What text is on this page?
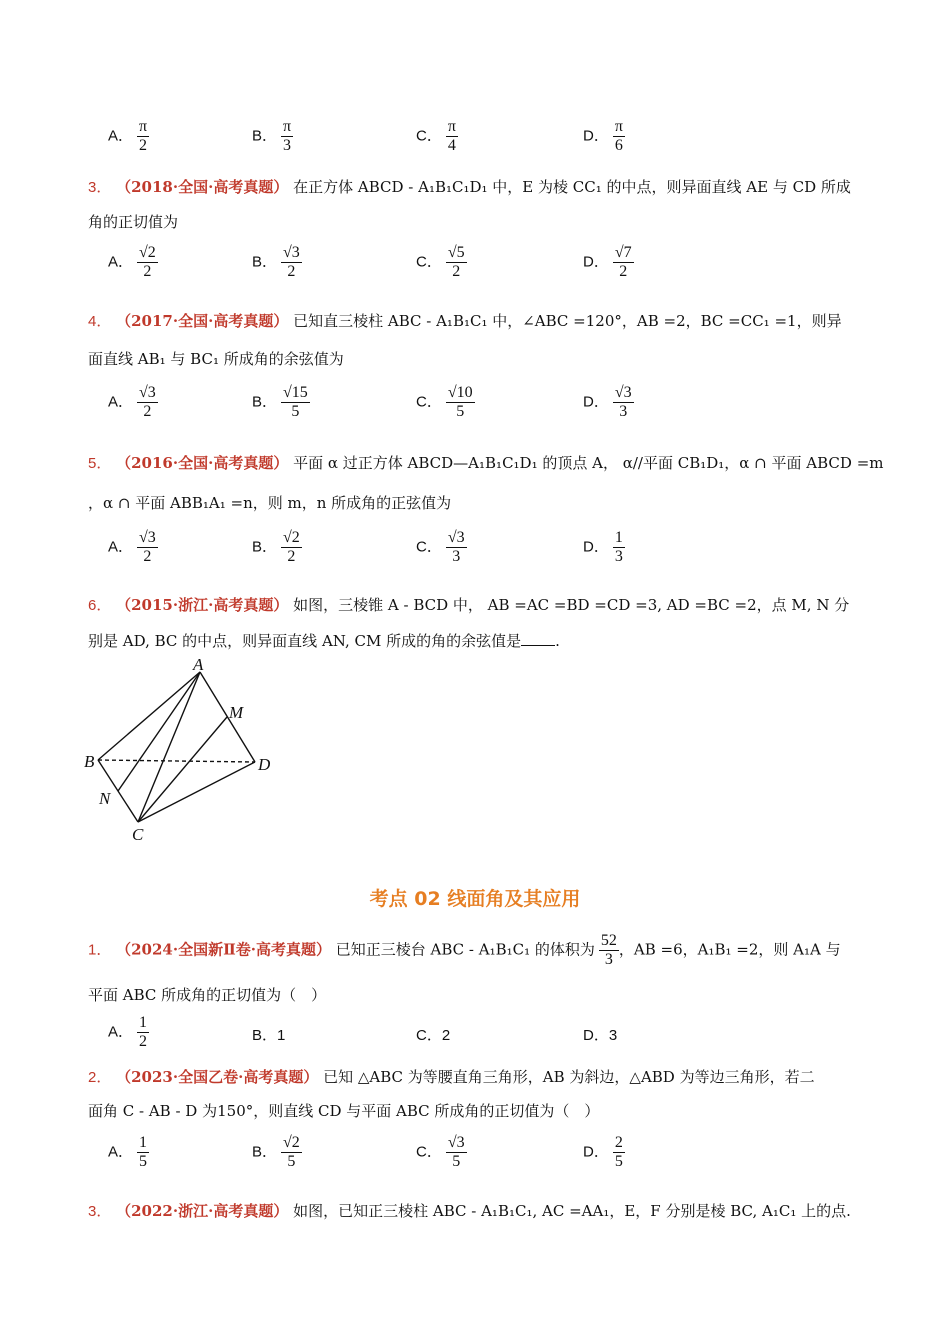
A． $\frac{\pi}{2}$	B． $\frac{\pi}{3}$	C． $\frac{\pi}{4}$	D． $\frac{\pi}{6}$
3． （2018·全国·高考真题） 在正方体 ABCD - A₁B₁C₁D₁ 中，E 为棱 CC₁ 的中点，则异面直线 AE 与 CD 所成
角的正切值为
A． $\frac{√2}{2}$	B． $\frac{√3}{2}$	C． $\frac{√5}{2}$	D． $\frac{√7}{2}$
4． （2017·全国·高考真题） 已知直三棱柱 ABC - A₁B₁C₁ 中，∠ABC =120°，AB =2，BC =CC₁ =1，则异
面直线 AB₁ 与 BC₁ 所成角的余弦值为
A． $\frac{√3}{2}$	B． $\frac{√15}{5}$	C． $\frac{√10}{5}$	D． $\frac{√3}{3}$
5． （2016·全国·高考真题） 平面 α 过正方体 ABCD—A₁B₁C₁D₁ 的顶点 A， α//平面 CB₁D₁，α ∩ 平面 ABCD =m
，α ∩ 平面 ABB₁A₁ =n，则 m，n 所成角的正弦值为
A． $\frac{√3}{2}$	B． $\frac{√2}{2}$	C． $\frac{√3}{3}$	D． $\frac{1}{3}$
6． （2015·浙江·高考真题） 如图，三棱锥 A - BCD 中， AB =AC =BD =CD =3, AD =BC =2，点 M, N 分
别是 AD, BC 的中点，则异面直线 AN, CM 所成的角的余弦值是 .
A
M
B	D
N
C
考点 02 线面角及其应用
1． （2024·全国新Ⅱ卷·高考真题） 已知正三棱台 ABC - A₁B₁C₁ 的体积为 $\frac{52}{3}$ ，AB =6，A₁B₁ =2，则 A₁A 与
平面 ABC 所成角的正切值为（　）
A． $\frac{1}{2}$	B．1	C．2	D．3
2． （2023·全国乙卷·高考真题） 已知 △ABC 为等腰直角三角形，AB 为斜边，△ABD 为等边三角形，若二
面角 C - AB - D 为150°，则直线 CD 与平面 ABC 所成角的正切值为（　）
A． $\frac{1}{5}$	B． $\frac{√2}{5}$	C． $\frac{√3}{5}$	D． $\frac{2}{5}$
3． （2022·浙江·高考真题） 如图，已知正三棱柱 ABC - A₁B₁C₁, AC =AA₁，E，F 分别是棱 BC, A₁C₁ 上的点.
